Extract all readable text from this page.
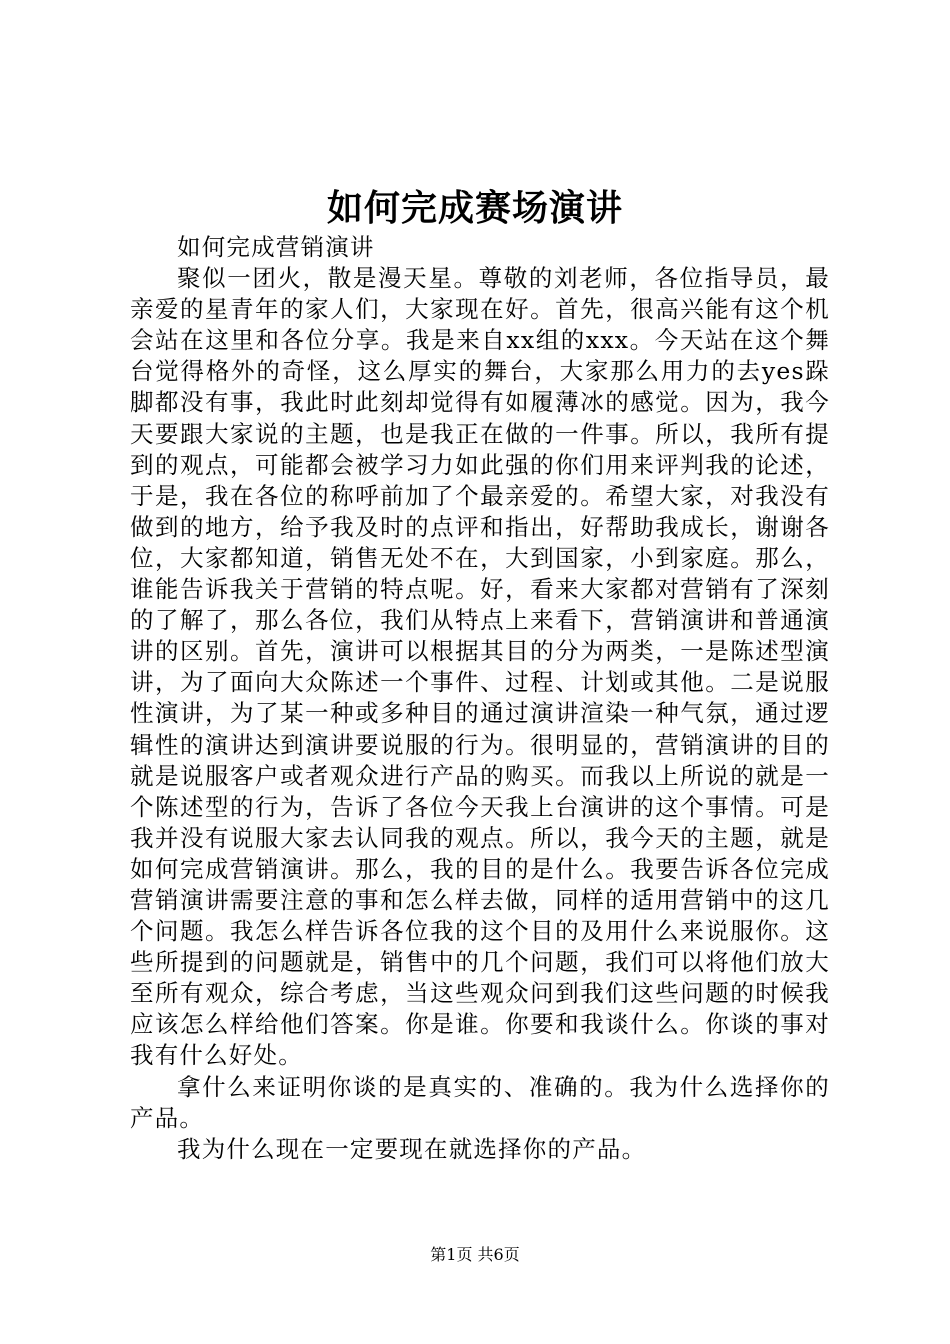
如何完成赛场演讲

如何完成营销演讲

聚似一团火，散是漫天星。尊敬的刘老师，各位指导员，最亲爱的星青年的家人们，大家现在好。首先，很高兴能有这个机会站在这里和各位分享。我是来自xx组的xxx。今天站在这个舞台觉得格外的奇怪，这么厚实的舞台，大家那么用力的去yes跺脚都没有事，我此时此刻却觉得有如履薄冰的感觉。因为，我今天要跟大家说的主题，也是我正在做的一件事。所以，我所有提到的观点，可能都会被学习力如此强的你们用来评判我的论述，于是，我在各位的称呼前加了个最亲爱的。希望大家，对我没有做到的地方，给予我及时的点评和指出，好帮助我成长，谢谢各位，大家都知道，销售无处不在，大到国家，小到家庭。那么，谁能告诉我关于营销的特点呢。好，看来大家都对营销有了深刻的了解了，那么各位，我们从特点上来看下，营销演讲和普通演讲的区别。首先，演讲可以根据其目的分为两类，一是陈述型演讲，为了面向大众陈述一个事件、过程、计划或其他。二是说服性演讲，为了某一种或多种目的通过演讲渲染一种气氛，通过逻辑性的演讲达到演讲要说服的行为。很明显的，营销演讲的目的就是说服客户或者观众进行产品的购买。而我以上所说的就是一个陈述型的行为，告诉了各位今天我上台演讲的这个事情。可是我并没有说服大家去认同我的观点。所以，我今天的主题，就是如何完成营销演讲。那么，我的目的是什么。我要告诉各位完成营销演讲需要注意的事和怎么样去做，同样的适用营销中的这几个问题。我怎么样告诉各位我的这个目的及用什么来说服你。这些所提到的问题就是，销售中的几个问题，我们可以将他们放大至所有观众，综合考虑，当这些观众问到我们这些问题的时候我应该怎么样给他们答案。你是谁。你要和我谈什么。你谈的事对我有什么好处。

拿什么来证明你谈的是真实的、准确的。我为什么选择你的产品。

我为什么现在一定要现在就选择你的产品。

第1页 共6页
